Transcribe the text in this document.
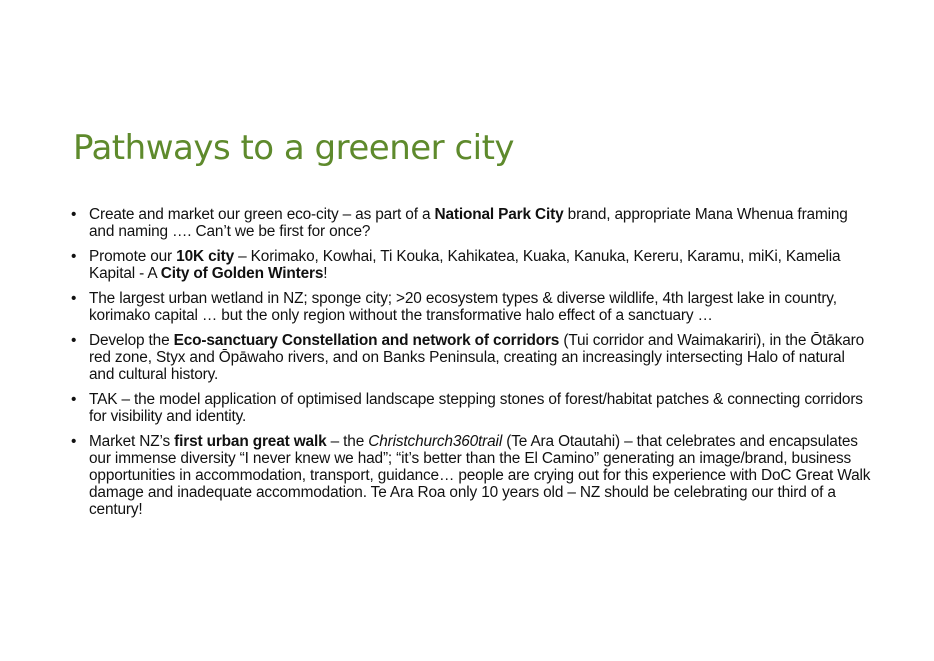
Pathways to a greener city
• Create and market our green eco-city – as part of a National Park City brand, appropriate Mana Whenua framing and naming …. Can’t we be first for once?
• Promote our 10K city – Korimako, Kowhai, Ti Kouka, Kahikatea, Kuaka, Kanuka, Kereru, Karamu, miKi, Kamelia Kapital - A City of Golden Winters!
• The largest urban wetland in NZ; sponge city; >20 ecosystem types & diverse wildlife, 4th largest lake in country, korimako capital … but the only region without the transformative halo effect of a sanctuary …
• Develop the Eco-sanctuary Constellation and network of corridors (Tui corridor and Waimakariri), in the Ōtākaro red zone, Styx and Ōpāwaho rivers, and on Banks Peninsula, creating an increasingly intersecting Halo of natural and cultural history.
• TAK – the model application of optimised landscape stepping stones of forest/habitat patches & connecting corridors for visibility and identity.
• Market NZ’s first urban great walk – the Christchurch360trail (Te Ara Otautahi) – that celebrates and encapsulates our immense diversity “I never knew we had”; “it’s better than the El Camino” generating an image/brand, business opportunities in accommodation, transport, guidance… people are crying out for this experience with DoC Great Walk damage and inadequate accommodation. Te Ara Roa only 10 years old – NZ should be celebrating our third of a century!
